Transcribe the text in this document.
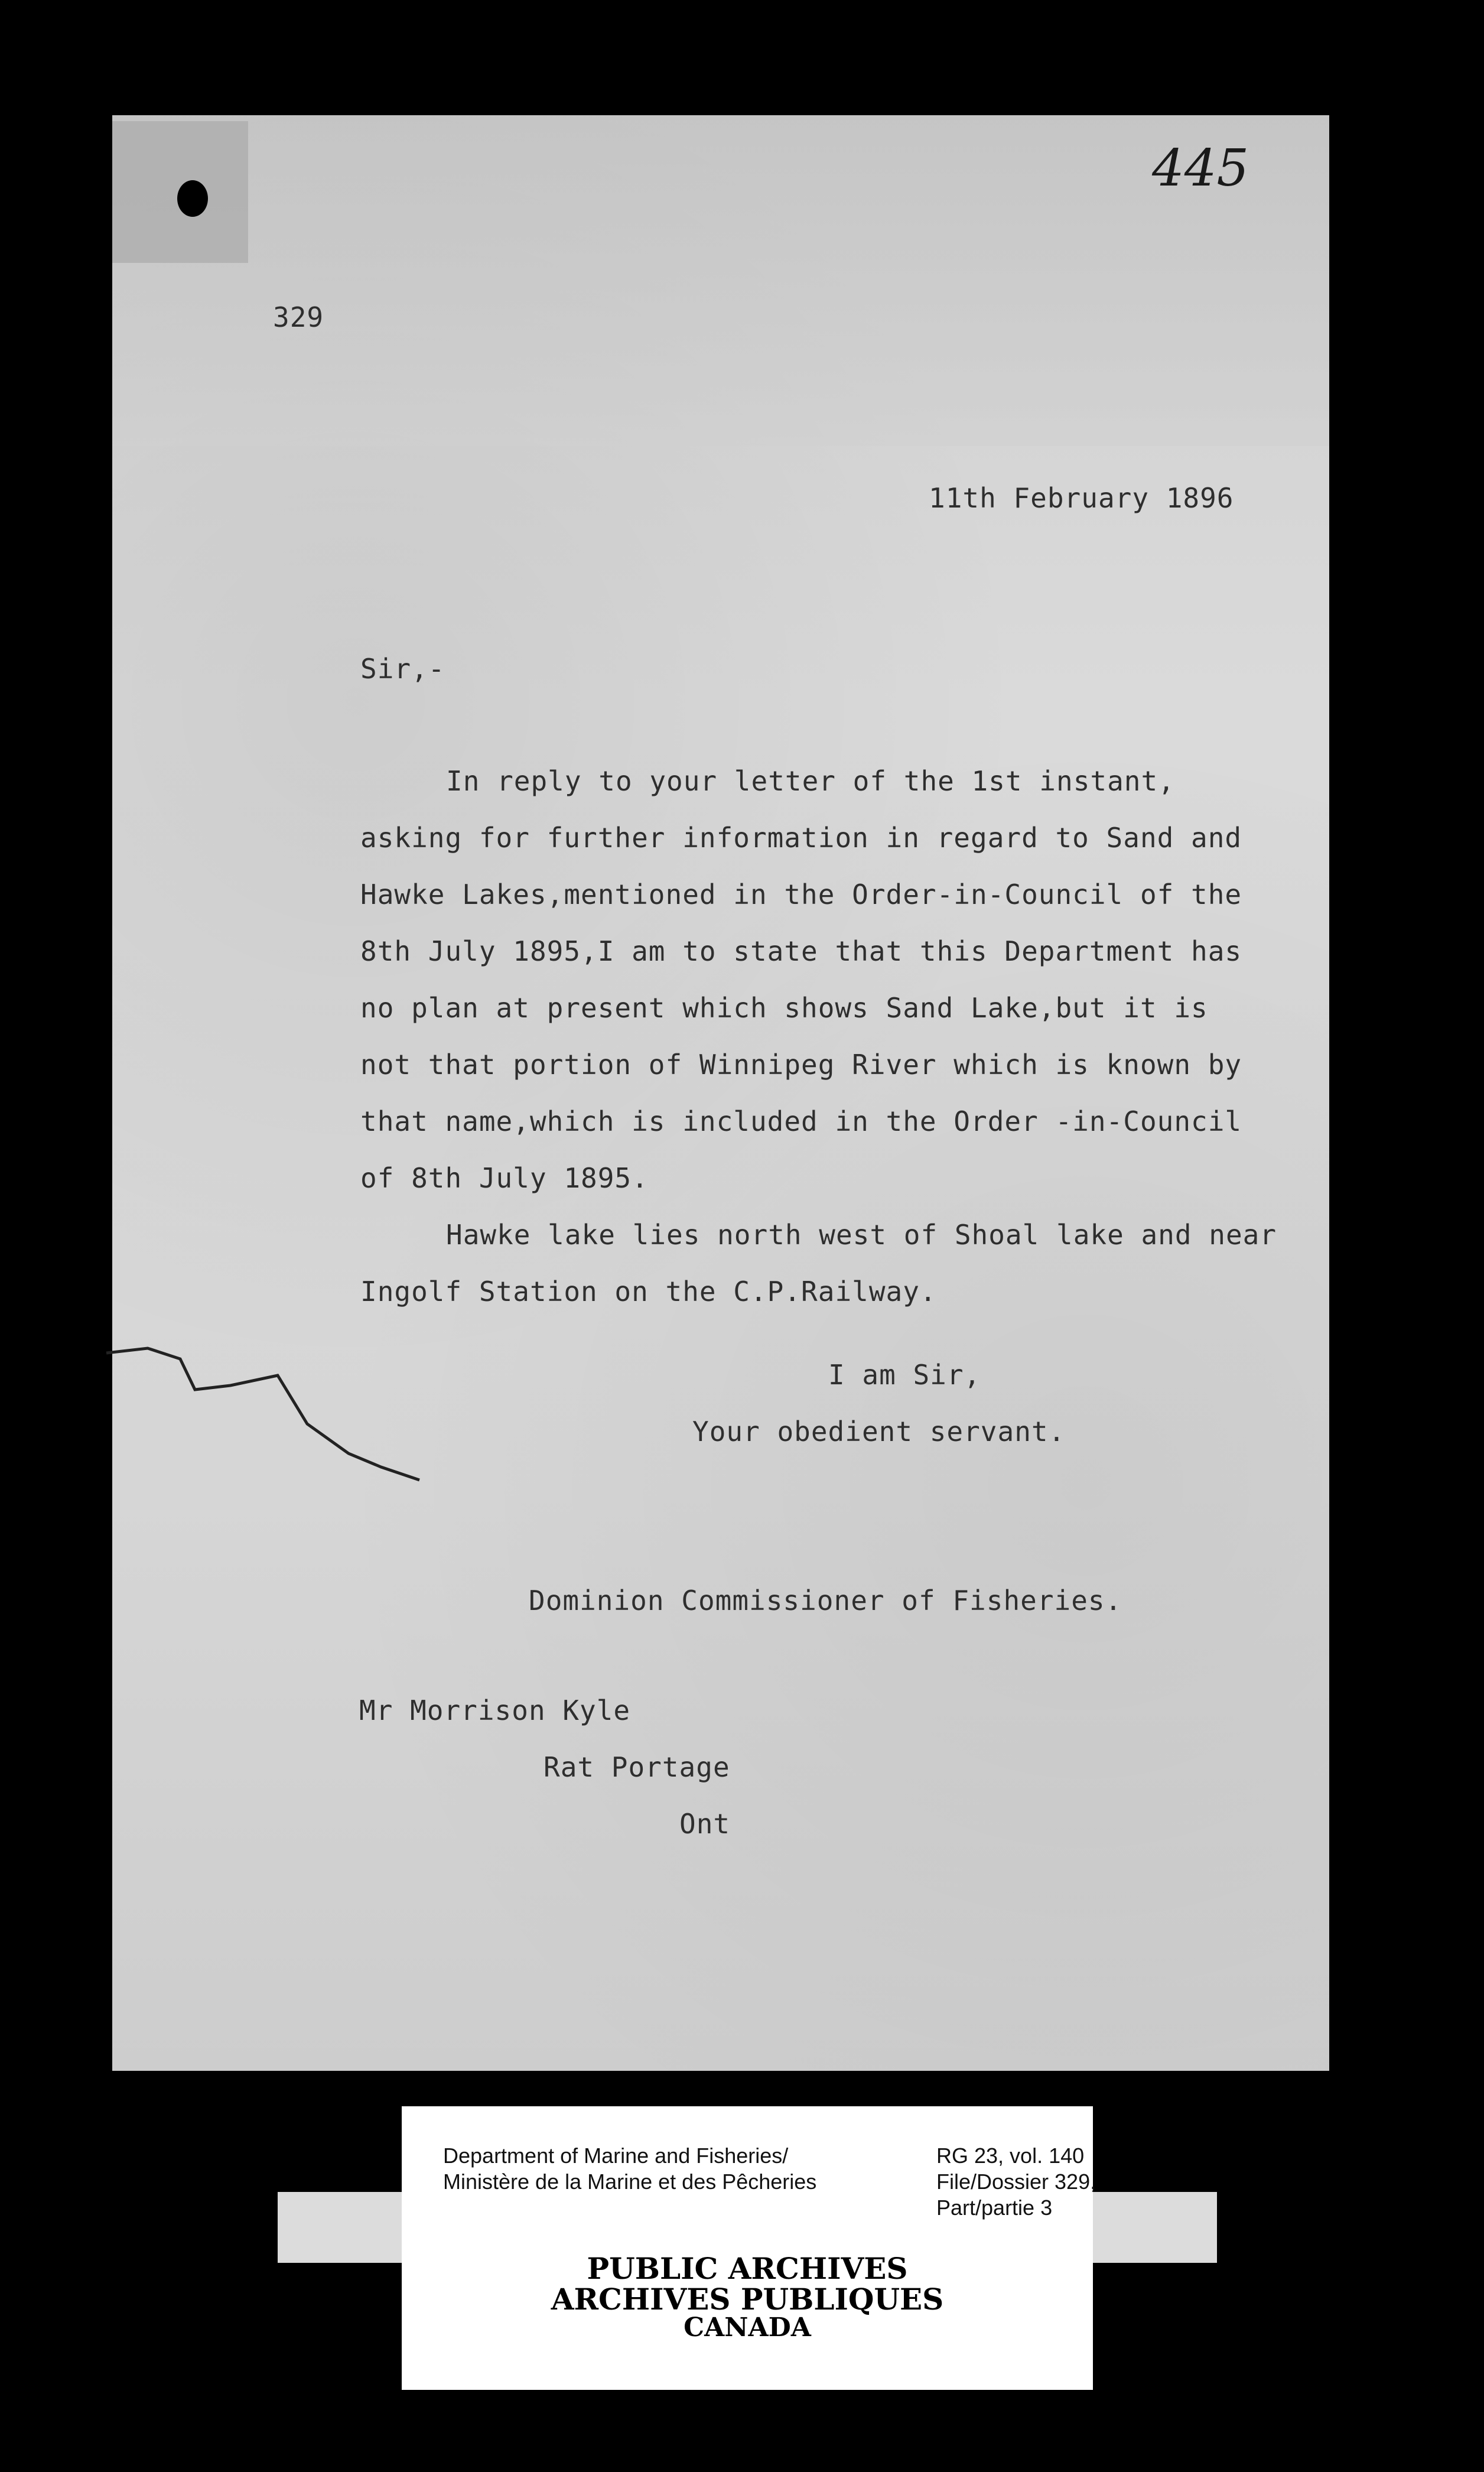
445
329
11th February 1896
Sir,-
In reply to your letter of the 1st instant,
asking for further information in regard to Sand and
Hawke Lakes,mentioned in the Order-in-Council of the
8th July 1895,I am to state that this Department has
no plan at present which shows Sand Lake,but it is
not that portion of Winnipeg River which is known by
that name,which is included in the Order -in-Council
of 8th July 1895.
Hawke lake lies north west of Shoal lake and near
Ingolf Station on the C.P.Railway.
I am Sir,
Your obedient servant.
Dominion Commissioner of Fisheries.
Mr Morrison Kyle
Rat Portage
Ont

Department of Marine and Fisheries/
Ministère de la Marine et des Pêcheries
RG 23, vol. 140
File/Dossier 329,
Part/partie 3
PUBLIC ARCHIVES
ARCHIVES PUBLIQUES
CANADA
